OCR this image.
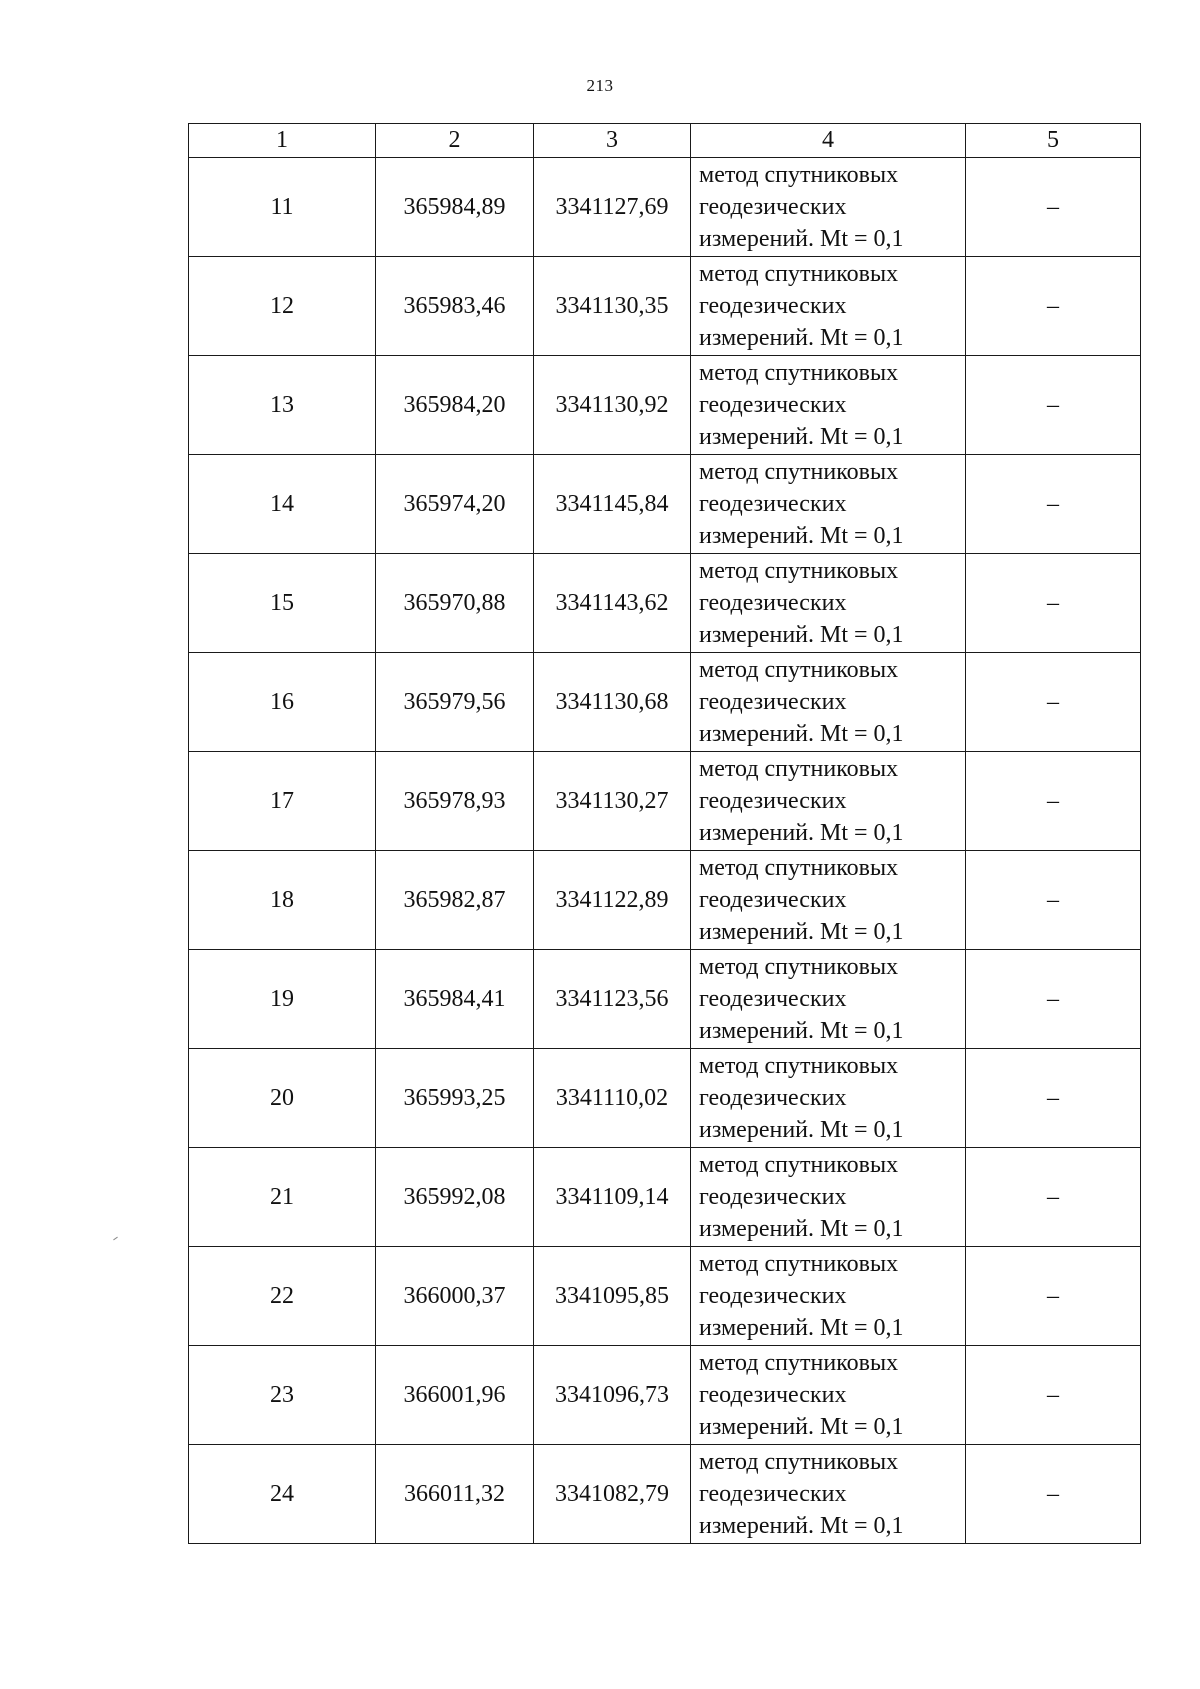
213
1	2	3	4	5
11	365984,89	3341127,69	метод спутниковых
геодезических
измерений. Mt = 0,1	–
12	365983,46	3341130,35	метод спутниковых
геодезических
измерений. Mt = 0,1	–
13	365984,20	3341130,92	метод спутниковых
геодезических
измерений. Mt = 0,1	–
14	365974,20	3341145,84	метод спутниковых
геодезических
измерений. Mt = 0,1	–
15	365970,88	3341143,62	метод спутниковых
геодезических
измерений. Mt = 0,1	–
16	365979,56	3341130,68	метод спутниковых
геодезических
измерений. Mt = 0,1	–
17	365978,93	3341130,27	метод спутниковых
геодезических
измерений. Mt = 0,1	–
18	365982,87	3341122,89	метод спутниковых
геодезических
измерений. Mt = 0,1	–
19	365984,41	3341123,56	метод спутниковых
геодезических
измерений. Mt = 0,1	–
20	365993,25	3341110,02	метод спутниковых
геодезических
измерений. Mt = 0,1	–
21	365992,08	3341109,14	метод спутниковых
геодезических
измерений. Mt = 0,1	–
22	366000,37	3341095,85	метод спутниковых
геодезических
измерений. Mt = 0,1	–
23	366001,96	3341096,73	метод спутниковых
геодезических
измерений. Mt = 0,1	–
24	366011,32	3341082,79	метод спутниковых
геодезических
измерений. Mt = 0,1	–
